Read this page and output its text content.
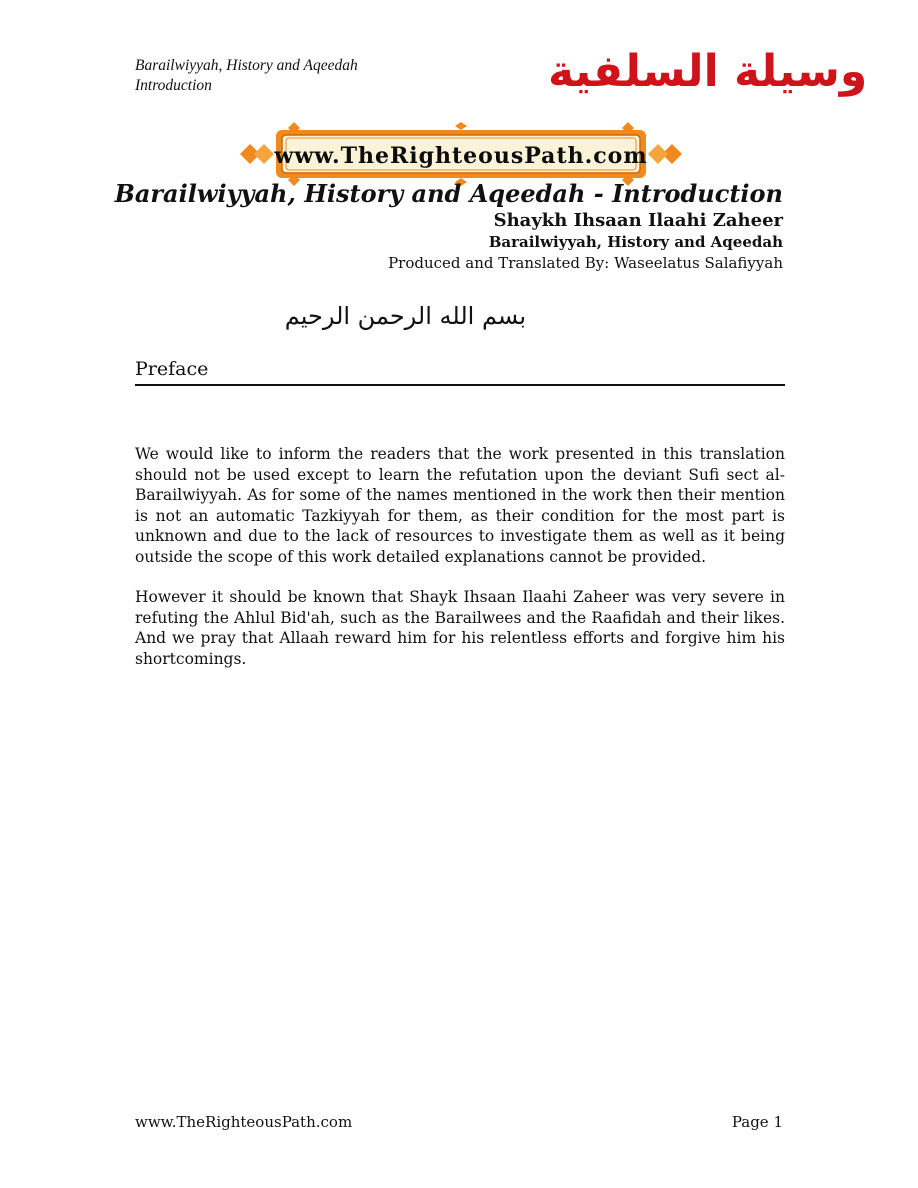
Barailwiyyah, History and Aqeedah
Introduction	وسيلة السلفية
www.TheRighteousPath.com
Barailwiyyah, History and Aqeedah - Introduction
Shaykh Ihsaan Ilaahi Zaheer
Barailwiyyah, History and Aqeedah
Produced and Translated By: Waseelatus Salafiyyah
بسم الله الرحمن الرحيم
Preface

We would like to inform the readers that the work presented in this translation should not be used except to learn the refutation upon the deviant Sufi sect al-Barailwiyyah. As for some of the names mentioned in the work then their mention is not an automatic Tazkiyyah for them, as their condition for the most part is unknown and due to the lack of resources to investigate them as well as it being outside the scope of this work detailed explanations cannot be provided.

However it should be known that Shayk Ihsaan Ilaahi Zaheer was very severe in refuting the Ahlul Bid'ah, such as the Barailwees and the Raafidah and their likes. And we pray that Allaah reward him for his relentless efforts and forgive him his shortcomings.

www.TheRighteousPath.com	Page 1
